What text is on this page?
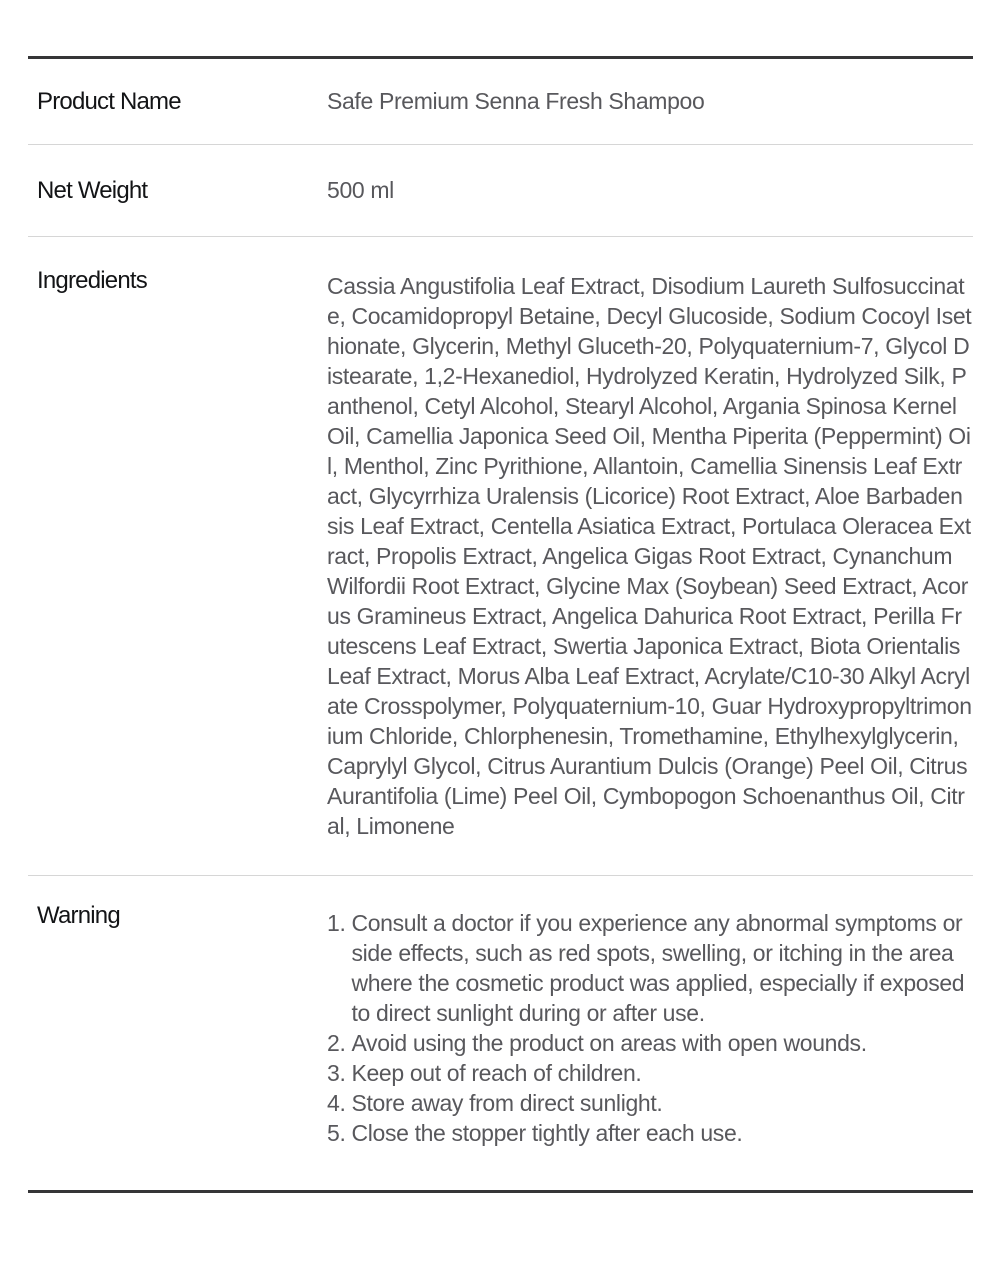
Product Name	Safe Premium Senna Fresh Shampoo
Net Weight	500 ml
Ingredients	Cassia Angustifolia Leaf Extract, Disodium Laureth Sulfosuccinate, Cocamidopropyl Betaine, Decyl Glucoside, Sodium Cocoyl Isethionate, Glycerin, Methyl Gluceth-20, Polyquaternium-7, Glycol Distearate, 1,2-Hexanediol, Hydrolyzed Keratin, Hydrolyzed Silk, Panthenol, Cetyl Alcohol, Stearyl Alcohol, Argania Spinosa Kernel Oil, Camellia Japonica Seed Oil, Mentha Piperita (Peppermint) Oil, Menthol, Zinc Pyrithione, Allantoin, Camellia Sinensis Leaf Extract, Glycyrrhiza Uralensis (Licorice) Root Extract, Aloe Barbadensis Leaf Extract, Centella Asiatica Extract, Portulaca Oleracea Extract, Propolis Extract, Angelica Gigas Root Extract, Cynanchum Wilfordii Root Extract, Glycine Max (Soybean) Seed Extract, Acorus Gramineus Extract, Angelica Dahurica Root Extract, Perilla Frutescens Leaf Extract, Swertia Japonica Extract, Biota Orientalis Leaf Extract, Morus Alba Leaf Extract, Acrylate/C10-30 Alkyl Acrylate Crosspolymer, Polyquaternium-10, Guar Hydroxypropyltrimonium Chloride, Chlorphenesin, Tromethamine, Ethylhexylglycerin, Caprylyl Glycol, Citrus Aurantium Dulcis (Orange) Peel Oil, Citrus Aurantifolia (Lime) Peel Oil, Cymbopogon Schoenanthus Oil, Citral, Limonene
Warning	1. Consult a doctor if you experience any abnormal symptoms or side effects, such as red spots, swelling, or itching in the area where the cosmetic product was applied, especially if exposed to direct sunlight during or after use.
2. Avoid using the product on areas with open wounds.
3. Keep out of reach of children.
4. Store away from direct sunlight.
5. Close the stopper tightly after each use.
